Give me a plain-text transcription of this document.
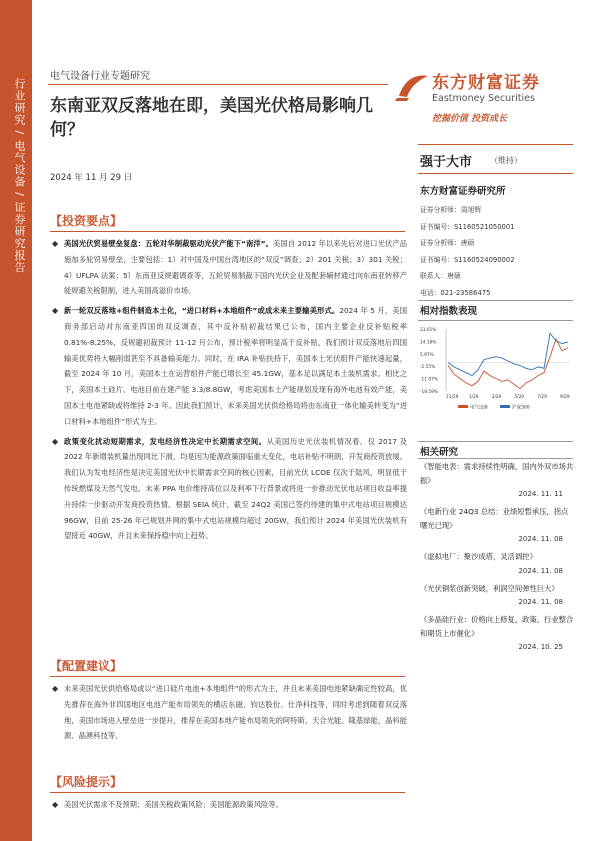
行业研究 / 电气设备 / 证券研究报告
电气设备行业专题研究
东南亚双反落地在即，美国光伏格局影响几何？
2024 年 11 月 29 日
东方财富证券
Eastmoney Securities
挖掘价值 投资成长
强于大市 （维持）
东方财富证券研究所
证券分析师：周旭辉
证书编号：S1160521050001
证券分析师：唐硕
证书编号：S1160524090002
联系人：唐硕
电话：021-23586475
相对指数表现
23.01%
14.16%
5.97%
-2.55%
-11.07%
-19.59%
11/29 1/29	3/29	5/29	7/29	9/29
电气设备	沪深300
相关研究
《智能电表：需求持续性明确，国内外双市场共振》
2024. 11. 11
《电新行业 24Q3 总结：业绩短暂承压，拐点曙光已现》
2024. 11. 08
《虚拟电厂：聚沙成塔，灵活调控》
2024. 11. 08
《光伏铜浆创新突破，利润空间弹性巨大》
2024. 11. 08
《多晶硅行业：价格向上修复，政策、行业整合和期货上市催化》
2024. 10. 25
【投资要点】
◆ 美国光伏贸易壁垒复盘：五轮对华制裁驱动光伏产能下“南洋”。美国自 2012 年以来先后对进口光伏产品施加多轮贸易壁垒，主要包括：1）对中国及中国台湾地区的“双反”调查；2）201 关税；3）301 关税；4）UFLPA 法案；5）东南亚反规避调查等，五轮贸易制裁下国内光伏企业及配套辅材通过向东南亚转移产能规避关税限制，进入美国高溢价市场。
◆ 新一轮双反落地+组件制造本土化，“进口材料+本地组件”或成未来主要输美形式。2024 年 5 月，美国商务部启动对东南亚四国的双反调查，其中反补贴初裁结果已公布，国内主要企业反补贴税率 0.81%-8.25%，反规避初裁预计 11-12 月公布，预计税率将明显高于反补贴，我们预计双反落地后四国输美优势将大幅削弱甚至不具备输美能力。同时，在 IRA 补贴扶持下，美国本土光伏组件产能快速起量，截至 2024 年 10 月，美国本土在运营组件产能已增长至 45.1GW，基本足以满足本土装机需求。相比之下，美国本土硅片、电池目前在建产能 3.3/8.8GW，考虑美国本土产能规划及现有海外电池有效产能，美国本土电池紧缺或将维持 2-3 年。因此我们预计，未来美国光伏供给格局将由东南亚一体化输美转变为“进口材料+本地组件”形式为主。
◆ 政策变化扰动短期需求，发电经济性决定中长期需求空间。从美国历史光伏装机情况看，仅 2017 及 2022 年新增装机量出现同比下滑，均是因为能源政策面临重大变化，电站补贴不明朗，开发商投资放缓。我们认为发电经济性是决定美国光伏中长期需求空间的核心因素，目前光伏 LCOE 仅次于陆风，明显低于传统燃煤及天然气发电。未来 PPA 电价维持高位以及利率下行背景或将进一步推动光伏电站项目收益率提升持续一步驱动开发商投资热情。根据 SEIA 统计，截至 24Q2 美国已签约待建的集中式电站项目规模达 96GW，目前 25-26 年已规划并网的集中式电站规模均超过 20GW，我们预计 2024 年美国光伏装机有望接近 40GW，并且未来保持稳中向上趋势。
【配置建议】
◆ 未来美国光伏供给格局或以“进口硅片电池+本地组件”的形式为主，并且未来美国电池紧缺确定性较高，优先推荐在海外非四国地区电池产能布局领先的横店东磁、钧达股份、仕净科技等，同时考虑到随着双反落地，美国市场进入壁垒进一步提升，推荐在美国本地产能布局领先的阿特斯、天合光能、隆基绿能、晶科能源、晶澳科技等。
【风险提示】
◆ 美国光伏需求不及预期；美国关税政策风险；美国能源政策风险等。
